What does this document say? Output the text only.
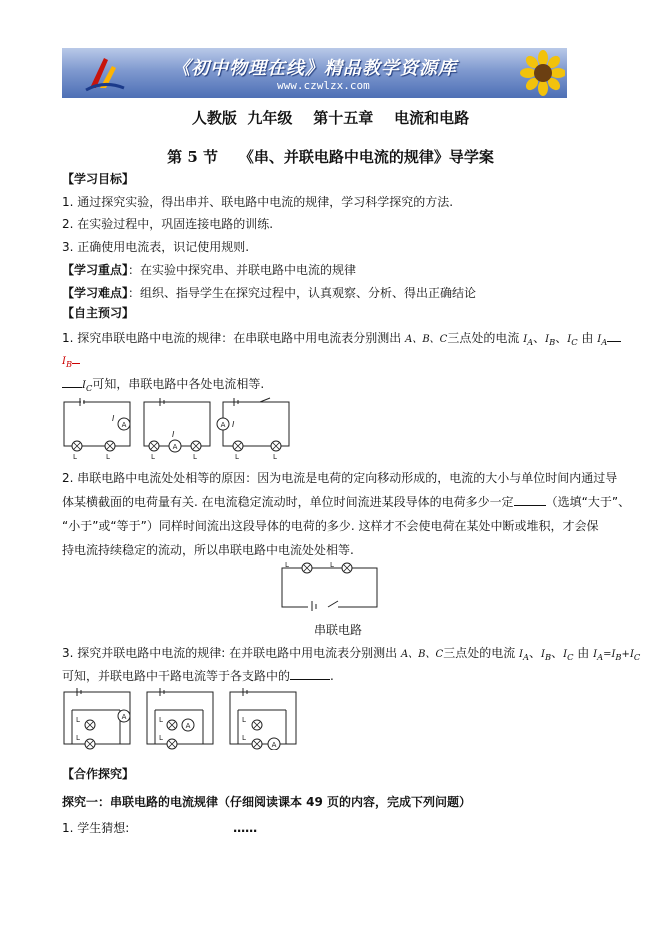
《初中物理在线》精品教学资源库
www.czwlzx.com
人教版  九年级    第十五章    电流和电路
第 5 节    《串、并联电路中电流的规律》导学案
【学习目标】
1. 通过探究实验，得出串并、联电路中电流的规律，学习科学探究的方法.
2. 在实验过程中，巩固连接电路的训练.
3. 正确使用电流表，识记使用规则.
【学习重点】：在实验中探究串、并联电路中电流的规律
【学习难点】：组织、指导学生在探究过程中，认真观察、分析、得出正确结论
【自主预习】
1. 探究串联电路中电流的规律：在串联电路中用电流表分别测出 A、B、C三点处的电流 $I_A$、$I_B$、$I_C$ 由 $I_A$
$I_B$
$I_C$可知，串联电路中各处电流相等.
A
A
A
L	L	L	L	L	L
I
I
I
2. 串联电路中电流处处相等的原因：因为电流是电荷的定向移动形成的，电流的大小与单位时间内通过导
体某横截面的电荷量有关. 在电流稳定流动时，单位时间流进某段导体的电荷多少一定	（选填“大于”、
“小于”或“等于”）同样时间流出这段导体的电荷的多少. 这样才不会使电荷在某处中断或堆积，才会保
持电流持续稳定的流动，所以串联电路中电流处处相等.
L	L
串联电路
3. 探究并联电路中电流的规律: 在并联电路中用电流表分别测出 A、B、C三点处的电流 $I_A$、$I_B$、$I_C$ 由 $I_A=I_B+I_C$
可知，并联电路中干路电流等于各支路中的	.
A
A
A
L
L
L
L
L
L
【合作探究】
探究一：串联电路的电流规律（仔细阅读课本 49 页的内容，完成下列问题）
1. 学生猜想:	……
